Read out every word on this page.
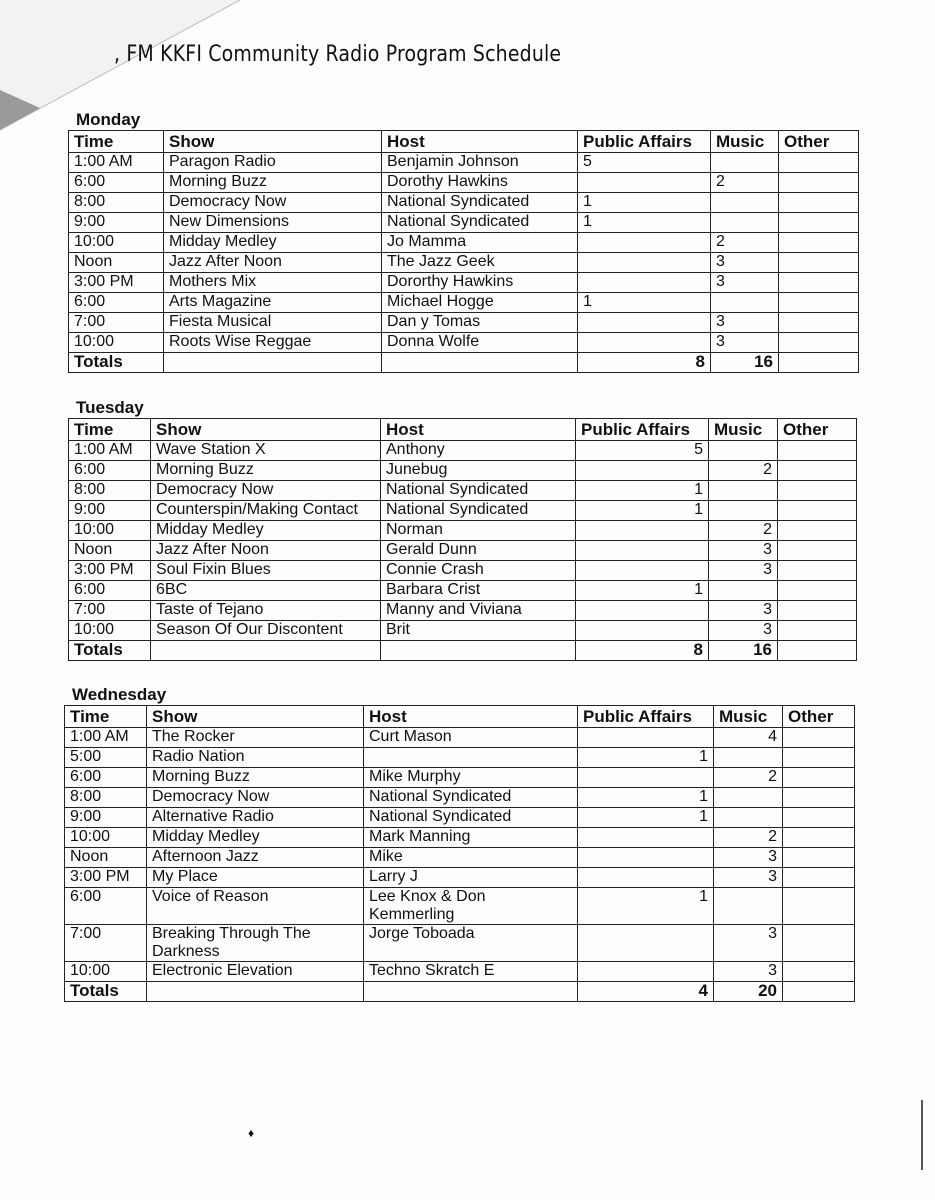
, FM KKFI Community Radio Program Schedule
Monday
Time	Show	Host	Public Affairs	Music	Other
1:00 AM	Paragon Radio	Benjamin Johnson	5		
6:00	Morning Buzz	Dorothy Hawkins		2	
8:00	Democracy Now	National Syndicated	1		
9:00	New Dimensions	National Syndicated	1		
10:00	Midday Medley	Jo Mamma		2	
Noon	Jazz After Noon	The Jazz Geek		3	
3:00 PM	Mothers Mix	Dororthy Hawkins		3	
6:00	Arts Magazine	Michael Hogge	1		
7:00	Fiesta Musical	Dan y Tomas		3	
10:00	Roots Wise Reggae	Donna Wolfe		3	
Totals			8	16	
Tuesday
Time	Show	Host	Public Affairs	Music	Other
1:00 AM	Wave Station X	Anthony	5		
6:00	Morning Buzz	Junebug		2	
8:00	Democracy Now	National Syndicated	1		
9:00	Counterspin/Making Contact	National Syndicated	1		
10:00	Midday Medley	Norman		2	
Noon	Jazz After Noon	Gerald Dunn		3	
3:00 PM	Soul Fixin Blues	Connie Crash		3	
6:00	6BC	Barbara Crist	1		
7:00	Taste of Tejano	Manny and Viviana		3	
10:00	Season Of Our Discontent	Brit		3	
Totals			8	16	
Wednesday
Time	Show	Host	Public Affairs	Music	Other
1:00 AM	The Rocker	Curt Mason		4	
5:00	Radio Nation		1		
6:00	Morning Buzz	Mike Murphy		2	
8:00	Democracy Now	National Syndicated	1		
9:00	Alternative Radio	National Syndicated	1		
10:00	Midday Medley	Mark Manning		2	
Noon	Afternoon Jazz	Mike		3	
3:00 PM	My Place	Larry J		3	
6:00	Voice of Reason	Lee Knox & Don Kemmerling	1		
7:00	Breaking Through The Darkness	Jorge Toboada		3	
10:00	Electronic Elevation	Techno Skratch E		3	
Totals			4	20	
♦
